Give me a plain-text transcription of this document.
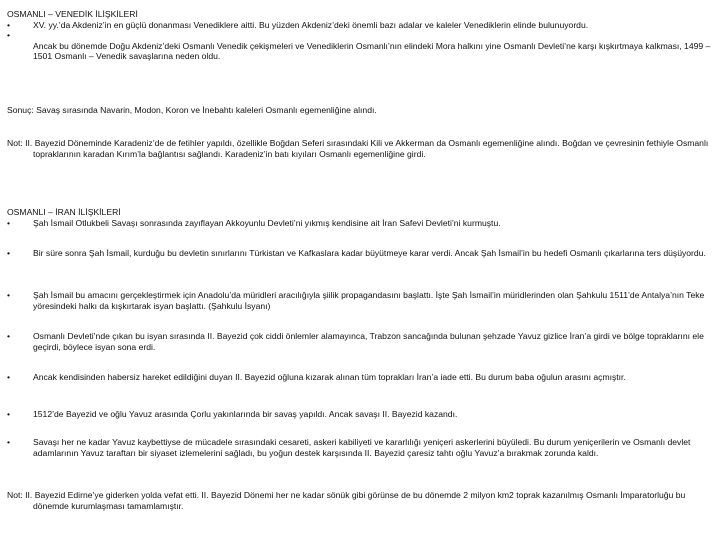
OSMANLI – VENEDİK İLİŞKİLERİ

•	XV. yy.’da Akdeniz’in en güçlü donanması Venediklere aitti. Bu yüzden Akdeniz’deki önemli bazı adalar ve kaleler Venediklerin elinde bulunuyordu.
•
Ancak bu dönemde Doğu Akdeniz’deki Osmanlı Venedik çekişmeleri ve Venediklerin Osmanlı’nın elindeki Mora halkını yine Osmanlı Devleti’ne karşı kışkırtmaya kalkması, 1499 – 1501 Osmanlı – Venedik savaşlarına neden oldu.

Sonuç: Savaş sırasında Navarin, Modon, Koron ve İnebahtı kaleleri Osmanlı egemenliğine alındı.

Not: II. Bayezid Döneminde Karadeniz’de de fetihler yapıldı, özellikle Boğdan Seferi sırasındaki Kili ve Akkerman da Osmanlı egemenliğine alındı. Boğdan ve çevresinin fethiyle Osmanlı topraklarının karadan Kırım’la bağlantısı sağlandı. Karadeniz’in batı kıyıları Osmanlı egemenliğine girdi.

OSMANLI – İRAN İLİŞKİLERİ

•	Şah İsmail Otlukbeli Savaşı sonrasında zayıflayan Akkoyunlu Devleti’ni yıkmış kendisine ait İran Safevi Devleti’ni kurmuştu.
•	Bir süre sonra Şah İsmail, kurduğu bu devletin sınırlarını Türkistan ve Kafkaslara kadar büyütmeye karar verdi. Ancak Şah İsmail’in bu hedefi Osmanlı çıkarlarına ters düşüyordu.
•	Şah İsmail bu amacını gerçekleştirmek için Anadolu’da müridleri aracılığıyla şiilik propagandasını başlattı. İşte Şah İsmail’in müridlerinden olan Şahkulu 1511’de Antalya’nın Teke yöresindeki halkı da kışkırtarak isyan başlattı. (Şahkulu İsyanı)
•	Osmanlı Devleti’nde çıkan bu isyan sırasında II. Bayezid çok ciddi önlemler alamayınca, Trabzon sancağında bulunan şehzade Yavuz gizlice İran’a girdi ve bölge topraklarını ele geçirdi, böylece isyan sona erdi.
•	Ancak kendisinden habersiz hareket edildiğini duyan II. Bayezid oğluna kızarak alınan tüm toprakları İran’a iade etti. Bu durum baba oğulun arasını açmıştır.
•	1512’de Bayezid ve oğlu Yavuz arasında Çorlu yakınlarında bir savaş yapıldı. Ancak savaşı II. Bayezid kazandı.
•	Savaşı her ne kadar Yavuz kaybettiyse de mücadele sırasındaki cesareti, askeri kabiliyeti ve kararlılığı yeniçeri askerlerini büyüledi. Bu durum yeniçerilerin ve Osmanlı devlet adamlarının Yavuz taraftarı bir siyaset izlemelerini sağladı, bu yoğun destek karşısında II. Bayezid çaresiz tahtı oğlu Yavuz’a bırakmak zorunda kaldı.

Not: II. Bayezid Edirne’ye giderken yolda vefat etti. II. Bayezid Dönemi her ne kadar sönük gibi görünse de bu dönemde 2 milyon km2 toprak kazanılmış Osmanlı İmparatorluğu bu dönemde kurumlaşması tamamlamıştır.
